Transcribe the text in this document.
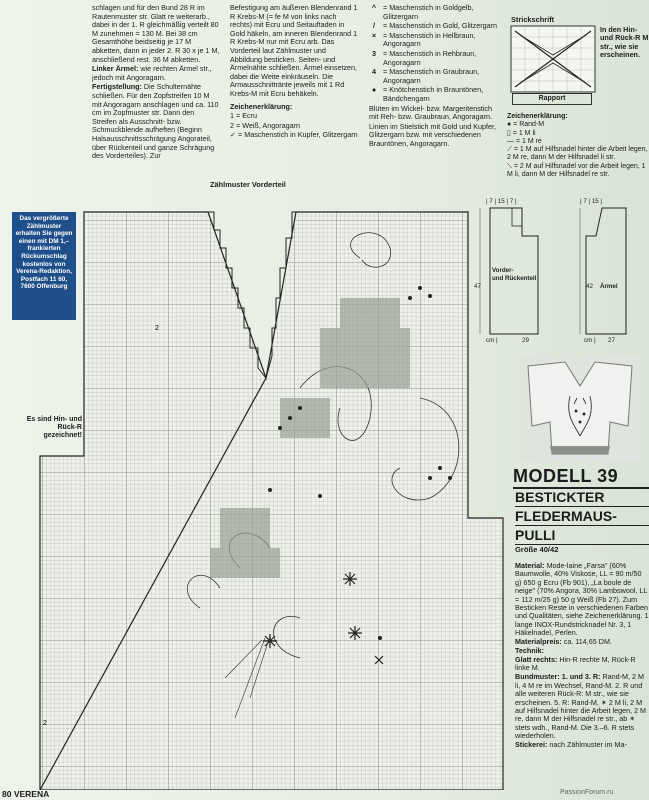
schlagen und für den Bund 28 R im Rautenmuster str. Glatt re weiterarb., dabei in der 1. R gleichmäßig verteilt 80 M zunehmen = 130 M. Bei 38 cm Gesamthöhe beidseitig je 17 M abketten, dann in jeder 2. R 30 x je 1 M, anschließend rest. 36 M abketten.

Linker Ärmel: wie rechten Ärmel str., jedoch mit Angoragarn.

Fertigstellung: Die Schulternähte schließen. Für den Zopfstreifen 10 M mit Angoragarn anschlagen und ca. 110 cm im Zopfmuster str. Dann den Streifen als Ausschnitt- bzw. Schmuckblende aufheften (Beginn Halsausschnittsschrägung Angorateil, über Rückenteil und ganze Schrägung des Vorderteiles). Zur

Befestigung am äußeren Blendenrand 1 R Krebs-M (= fe M von links nach rechts) mit Ecru und Seitauftaden in Gold häkeln, am inneren Blendenrand 1 R Krebs-M nur mit Ecru arb. Das Vorderteil laut Zählmuster und Abbildung besticken. Seiten- und Ärmelnähte schließen. Ärmel einsetzen, dabei die Weite einkräuseln. Die Armausschnittränte jeweils mit 1 Rd Krebs-M mit Ecru behäkeln.

Zeichenerklärung:

1 = Ecru

2 = Weiß, Angoragarn

✓ = Maschenstich in Kupfer, Glitzergarn

^ = Maschenstich in Goldgelb, Glitzergarn
/	= Maschenstich in Gold, Glitzergarn
× = Maschenstich in Hellbraun, Angoragarn
3 = Maschenstich in Rehbraun, Angoragarn
4 = Maschenstich in Graubraun, Angoragarn
● = Knötchenstich in Brauntönen, Bändchengarn

Blüten im Wickel- bzw. Margeritenstich mit Reh- bzw. Graubraun, Angoragarn.

Linien im Stielstich mit Gold und Kupfer, Glitzergarn bzw. mit verschiedenen Brauntönen, Angoragarn.

Strickschrift
Rapport
In den Hin- und Rück-R M str., wie sie erscheinen.

Zeichenerklärung:

● = Rand-M

▯ = 1 M li

— = 1 M re

⟋ = 1 M auf Hilfsnadel hinter die Arbeit legen, 2 M re, dann M der Hilfsnadel li str.

⟍ = 2 M auf Hilfsnadel vor die Arbeit legen, 1 M li, dann M der Hilfsnadel re str.

Das vergrößerte Zählmuster erhalten Sie gegen einen mit DM 1,– frankierten Rückumschlag kostenlos von Verena-Redaktion, Postfach 11 60, 7600 Offenburg
Es sind Hin- und Rück-R gezeichnet!
2
2
Zählmuster Vorderteil
| 7 | 15 | 7 |	| 7 | 15 |
47	42
Vorder-
und Rückenteil
Ärmel
cm |	29	cm | 27
MODELL 39
BESTICKTER
FLEDERMAUS-
PULLI
Größe 40/42

Material: Mode-laine „Farsa" (60% Baumwolle, 40% Viskose, LL = 90 m/50 g) 650 g Ecru (Fb 901), „La boule de neige" (70% Angora, 30% Lambswool, LL = 112 m/25 g) 50 g Weiß (Fb 27). Zum Besticken Reste in verschiedenen Farben und Qualitäten, siehe Zeichenerklärung. 1 lange INOX-Rundstricknadel Nr. 3, 1 Häkelnadel, Perlen.

Materialpreis: ca. 114,65 DM.

Technik:

Glatt rechts: Hin-R rechte M, Rück-R linke M.

Bundmuster: 1. und 3. R: Rand-M, 2 M li, 4 M re im Wechsel, Rand-M. 2. R und alle weiteren Rück-R: M str., wie sie erscheinen. 5. R: Rand-M, ✶ 2 M li, 2 M auf Hilfsnadel hinter die Arbeit legen, 2 M re, dann M der Hilfsnadel re str., ab ✶ stets wdh., Rand-M. Die 3.–6. R stets wiederholen.

Stickerei: nach Zählmuster im Ma-

80 VERENA	PassionForum.ru
